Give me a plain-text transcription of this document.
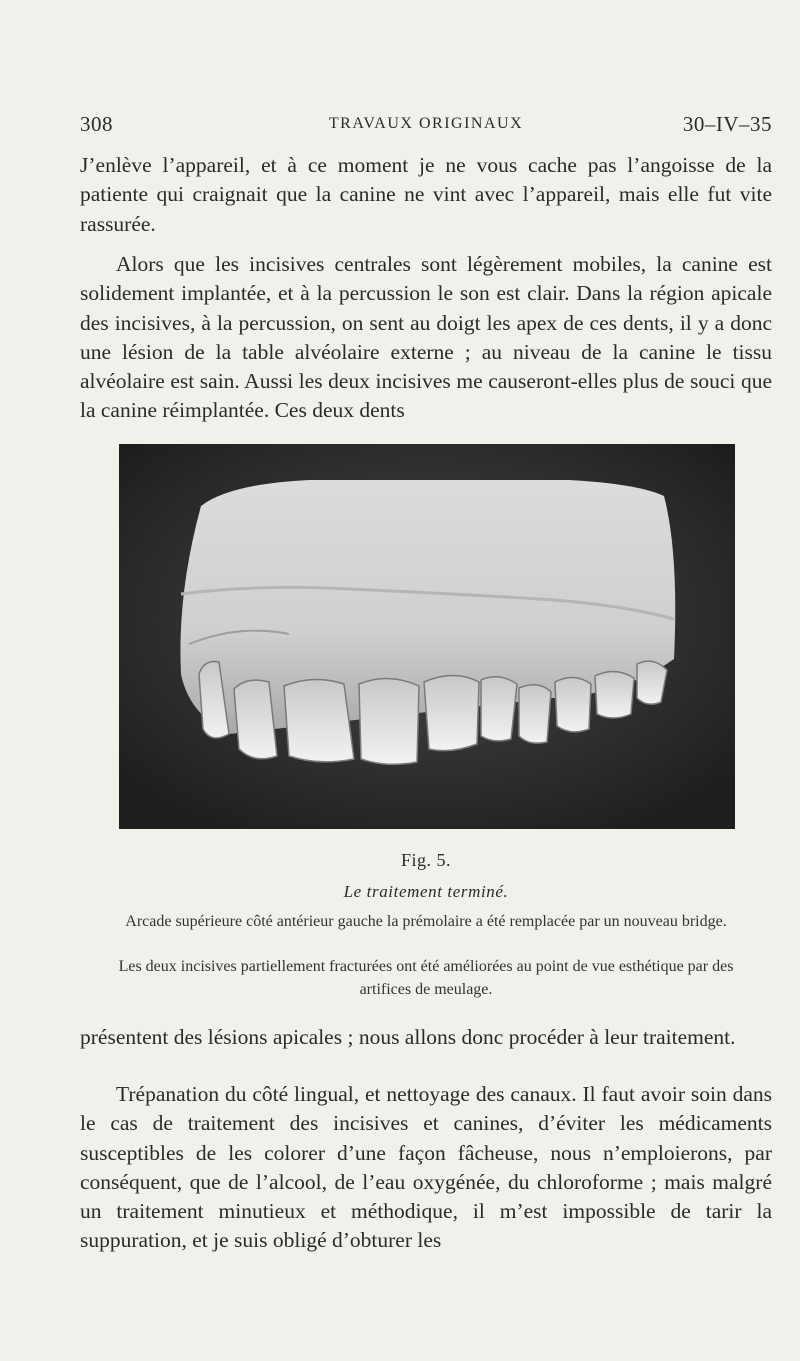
308	TRAVAUX ORIGINAUX	30–IV–35

J’enlève l’appareil, et à ce moment je ne vous cache pas l’angoisse de la patiente qui craignait que la canine ne vint avec l’appareil, mais elle fut vite rassurée.

Alors que les incisives centrales sont légèrement mobiles, la canine est solidement implantée, et à la percussion le son est clair. Dans la région apicale des incisives, à la percussion, on sent au doigt les apex de ces dents, il y a donc une lésion de la table alvéolaire externe ; au niveau de la canine le tissu alvéolaire est sain. Aussi les deux incisives me causeront-elles plus de souci que la canine réimplantée. Ces deux dents

Fig. 5.
Le traitement terminé.

Arcade supérieure côté antérieur gauche la prémolaire a été remplacée par un nouveau bridge.

Les deux incisives partiellement fracturées ont été améliorées au point de vue esthétique par des artifices de meulage.

présentent des lésions apicales ; nous allons donc procéder à leur traitement.

Trépanation du côté lingual, et nettoyage des canaux. Il faut avoir soin dans le cas de traitement des incisives et canines, d’éviter les médicaments susceptibles de les colorer d’une façon fâcheuse, nous n’emploierons, par conséquent, que de l’alcool, de l’eau oxygénée, du chloroforme ; mais malgré un traitement minutieux et méthodique, il m’est impossible de tarir la suppuration, et je suis obligé d’obturer les
